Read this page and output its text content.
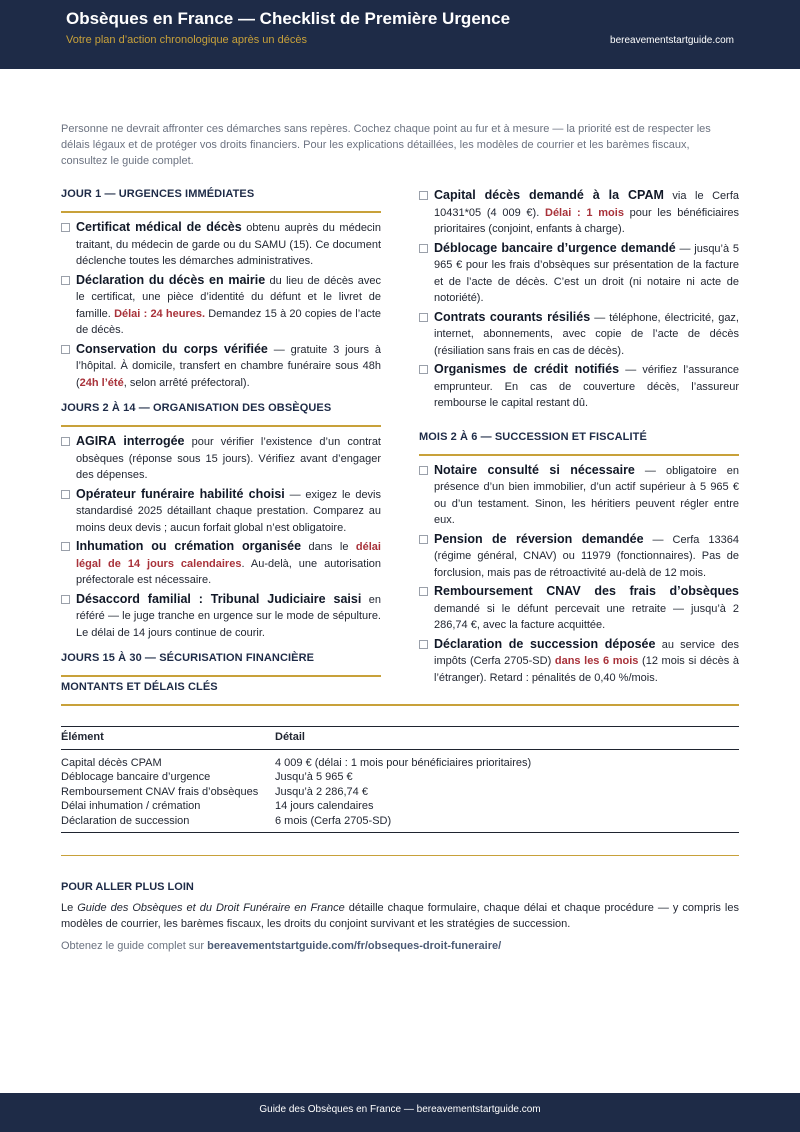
Obsèques en France — Checklist de Première Urgence
Votre plan d’action chronologique après un décès	bereavementstartguide.com

Personne ne devrait affronter ces démarches sans repères. Cochez chaque point au fur et à mesure — la priorité est de respecter les délais légaux et de protéger vos droits financiers. Pour les explications détaillées, les modèles de courrier et les barèmes fiscaux, consultez le guide complet.

JOUR 1 — URGENCES IMMÉDIATES
Certificat médical de décès obtenu auprès du médecin traitant, du médecin de garde ou du SAMU (15). Ce document déclenche toutes les démarches administratives.
Déclaration du décès en mairie du lieu de décès avec le certificat, une pièce d’identité du défunt et le livret de famille. Délai : 24 heures. Demandez 15 à 20 copies de l’acte de décès.
Conservation du corps vérifiée — gratuite 3 jours à l’hôpital. À domicile, transfert en chambre funéraire sous 48h (24h l’été, selon arrêté préfectoral).
JOURS 2 À 14 — ORGANISATION DES OBSÈQUES
AGIRA interrogée pour vérifier l’existence d’un contrat obsèques (réponse sous 15 jours). Vérifiez avant d’engager des dépenses.
Opérateur funéraire habilité choisi — exigez le devis standardisé 2025 détaillant chaque prestation. Comparez au moins deux devis ; aucun forfait global n’est obligatoire.
Inhumation ou crémation organisée dans le délai légal de 14 jours calendaires. Au-delà, une autorisation préfectorale est nécessaire.
Désaccord familial : Tribunal Judiciaire saisi en référé — le juge tranche en urgence sur le mode de sépulture. Le délai de 14 jours continue de courir.
JOURS 15 À 30 — SÉCURISATION FINANCIÈRE
Capital décès demandé à la CPAM via le Cerfa 10431*05 (4 009 €). Délai : 1 mois pour les bénéficiaires prioritaires (conjoint, enfants à charge).
Déblocage bancaire d’urgence demandé — jusqu’à 5 965 € pour les frais d’obsèques sur présentation de la facture et de l’acte de décès. C’est un droit (ni notaire ni acte de notoriété).
Contrats courants résiliés — téléphone, électricité, gaz, internet, abonnements, avec copie de l’acte de décès (résiliation sans frais en cas de décès).
Organismes de crédit notifiés — vérifiez l’assurance emprunteur. En cas de couverture décès, l’assureur rembourse le capital restant dû.
MOIS 2 À 6 — SUCCESSION ET FISCALITÉ
Notaire consulté si nécessaire — obligatoire en présence d’un bien immobilier, d’un actif supérieur à 5 965 € ou d’un testament. Sinon, les héritiers peuvent régler entre eux.
Pension de réversion demandée — Cerfa 13364 (régime général, CNAV) ou 11979 (fonctionnaires). Pas de forclusion, mais pas de rétroactivité au-delà de 12 mois.
Remboursement CNAV des frais d’obsèques demandé si le défunt percevait une retraite — jusqu’à 2 286,74 €, avec la facture acquittée.
Déclaration de succession déposée au service des impôts (Cerfa 2705-SD) dans les 6 mois (12 mois si décès à l’étranger). Retard : pénalités de 0,40 %/mois.
MONTANTS ET DÉLAIS CLÉS
Élément	Détail
Capital décès CPAM	4 009 € (délai : 1 mois pour bénéficiaires prioritaires)
Déblocage bancaire d’urgence	Jusqu’à 5 965 €
Remboursement CNAV frais d’obsèques	Jusqu’à 2 286,74 €
Délai inhumation / crémation	14 jours calendaires
Déclaration de succession	6 mois (Cerfa 2705-SD)
POUR ALLER PLUS LOIN

Le Guide des Obsèques et du Droit Funéraire en France détaille chaque formulaire, chaque délai et chaque procédure — y compris les modèles de courrier, les barèmes fiscaux, les droits du conjoint survivant et les stratégies de succession.

Obtenez le guide complet sur bereavementstartguide.com/fr/obseques-droit-funeraire/

Guide des Obsèques en France — bereavementstartguide.com
